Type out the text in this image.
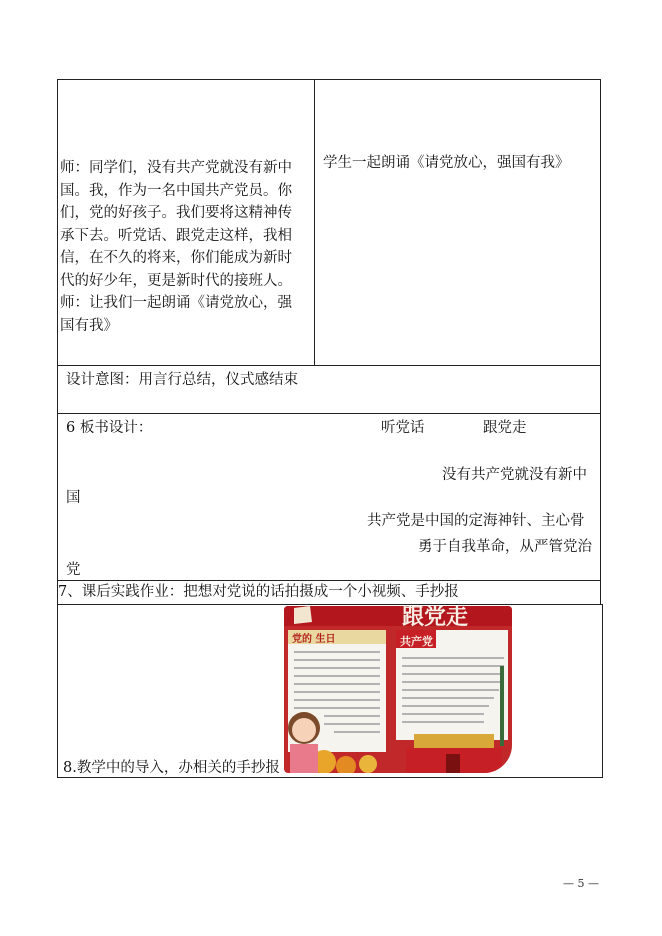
师：同学们，没有共产党就没有新中
国。我，作为一名中国共产党员。你
们，党的好孩子。我们要将这精神传
承下去。听党话、跟党走这样，我相
信，在不久的将来，你们能成为新时
代的好少年，更是新时代的接班人。
师：让我们一起朗诵《请党放心，强
国有我》
学生一起朗诵《请党放心，强国有我》
设计意图：用言行总结，仪式感结束
6 板书设计：	听党话	跟党走
没有共产党就没有新中
国
共产党是中国的定海神针、主心骨
勇于自我革命，从严管党治
党
7、课后实践作业：把想对党说的话拍摄成一个小视频、手抄报
8.教学中的导入，办相关的手抄报
跟党走
党的 生日	共产党
— 5 —
